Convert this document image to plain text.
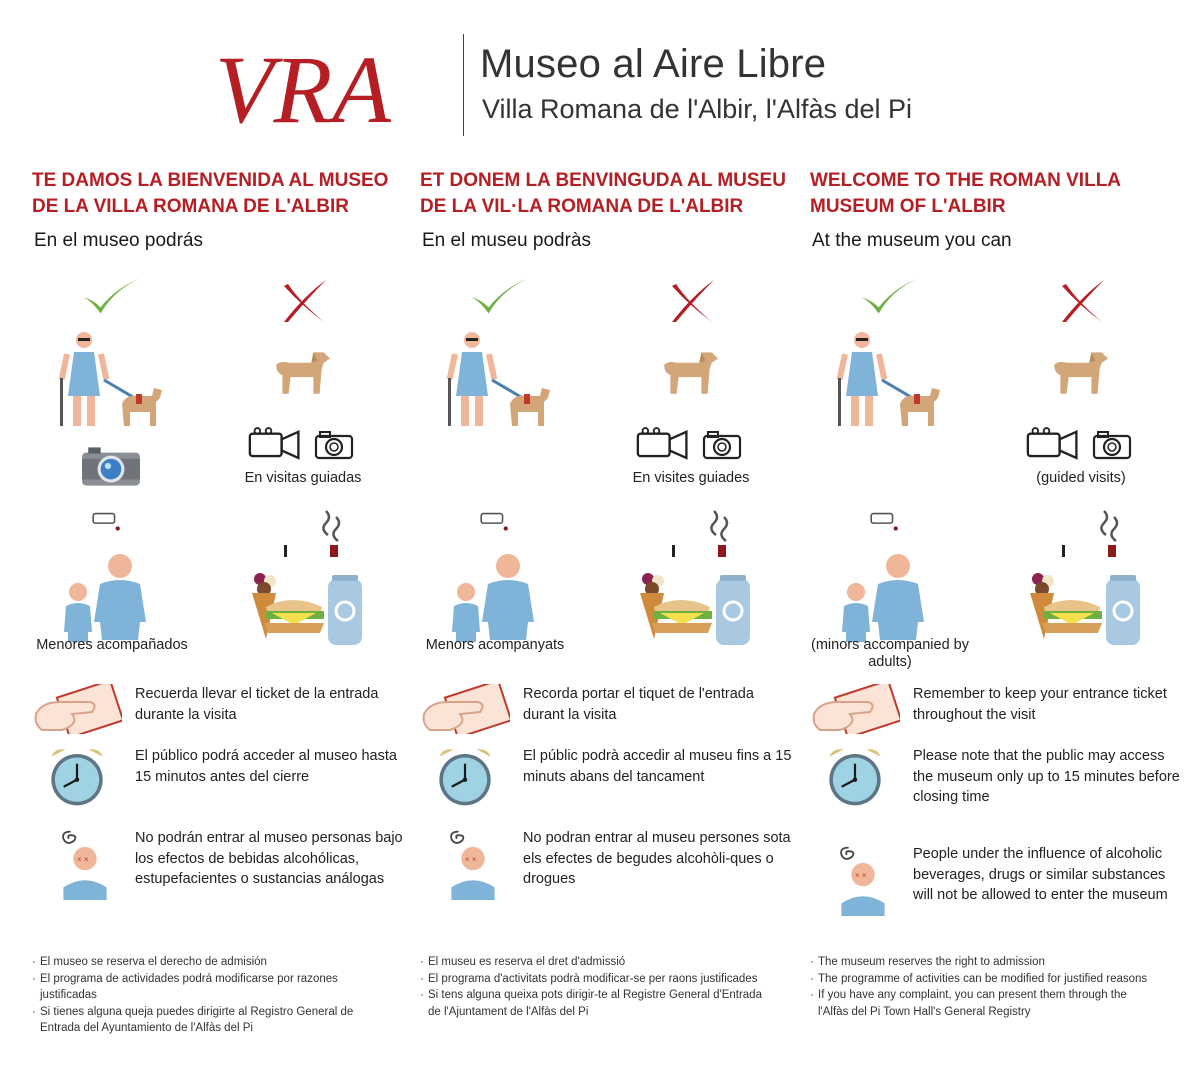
VRA Museo al Aire Libre
Villa Romana de l'Albir, l'Alfàs del Pi
TE DAMOS LA BIENVENIDA AL MUSEO DE LA VILLA ROMANA DE L'ALBIR
En el museo podrás
En visitas guiadas
Menores acompañados
Recuerda llevar el ticket de la entrada durante la visita
El público podrá acceder al museo hasta 15 minutos antes del cierre
No podrán entrar al museo personas bajo los efectos de bebidas alcohólicas, estupefacientes o sustancias análogas
· El museo se reserva el derecho de admisión
· El programa de actividades podrá modificarse por razones justificadas
· Si tienes alguna queja puedes dirigirte al Registro General de Entrada del Ayuntamiento de l'Alfàs del Pi
ET DONEM LA BENVINGUDA AL MUSEU DE LA VIL·LA ROMANA DE L'ALBIR
En el museu podràs
En visites guiades
Menors acompanyats
Recorda portar el tiquet de l'entrada durant la visita
El públic podrà accedir al museu fins a 15 minuts abans del tancament
No podran entrar al museu persones sota els efectes de begudes alcohòli-ques o drogues
· El museu es reserva el dret d'admissió
· El programa d'activitats podrà modificar-se per raons justificades
· Si tens alguna queixa pots dirigir-te al Registre General d'Entrada de l'Ajuntament de l'Alfàs del Pi
WELCOME TO THE ROMAN VILLA MUSEUM OF L'ALBIR
At the museum you can
(guided visits)
(minors accompanied by adults)
Remember to keep your entrance ticket throughout the visit
Please note that the public may access the museum only up to 15 minutes before closing time
People under the influence of alcoholic beverages, drugs or similar substances will not be allowed to enter the museum
· The museum reserves the right to admission
· The programme of activities can be modified for justified reasons
· If you have any complaint, you can present them through the l'Alfàs del Pi Town Hall's General Registry
